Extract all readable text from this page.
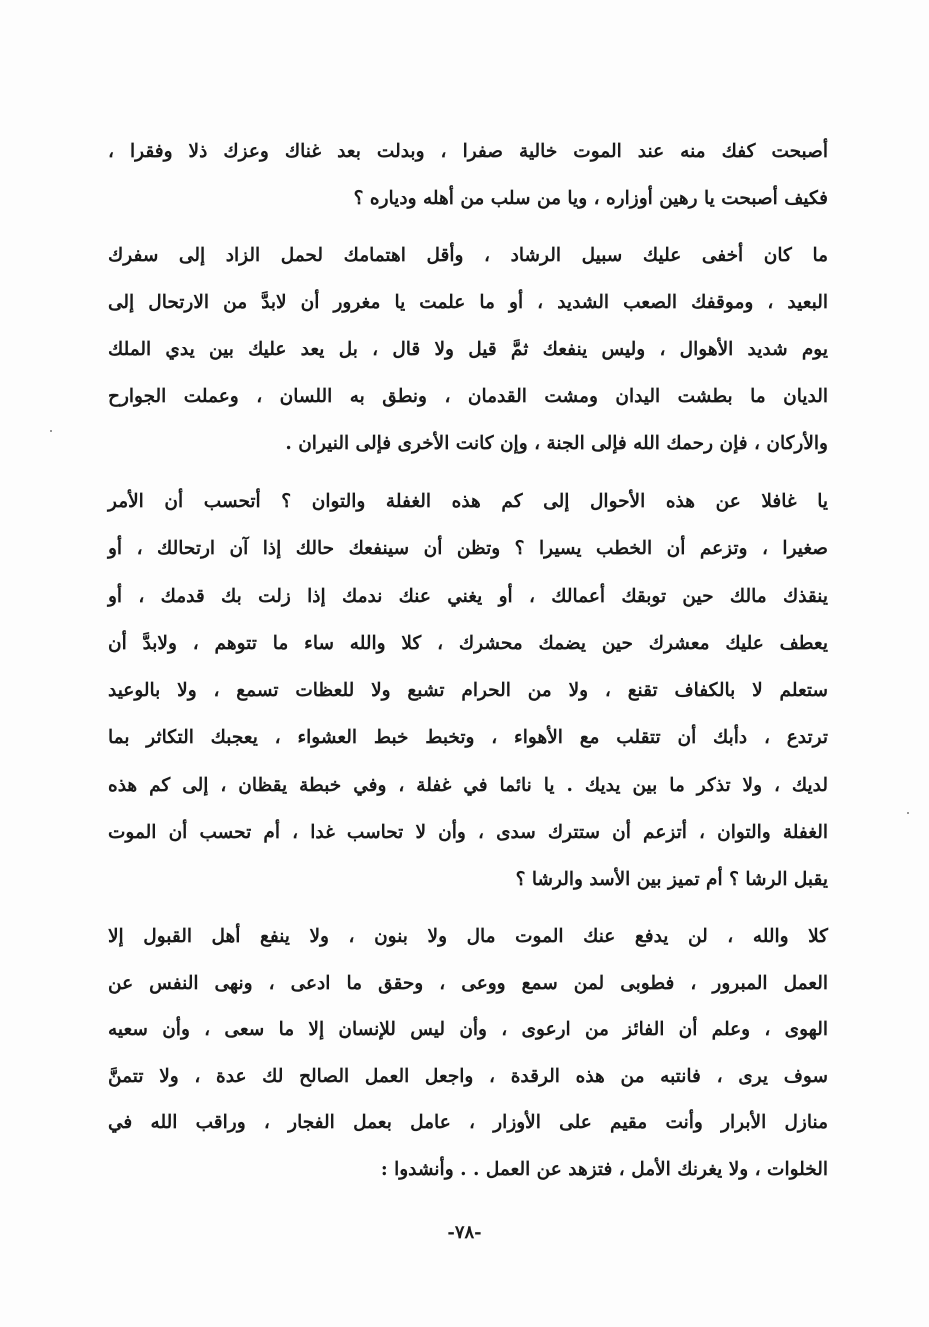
أصبحت كفك منه عند الموت خالية صفرا ، وبدلت بعد غناك وعزك ذلا وفقرا ،
فكيف أصبحت يا رهين أوزاره ، ويا من سلب من أهله ودياره ؟
ما كان أخفى عليك سبيل الرشاد ، وأقل اهتمامك لحمل الزاد إلى سفرك
البعيد ، وموقفك الصعب الشديد ، أو ما علمت يا مغرور أن لابدَّ من الارتحال إلى
يوم شديد الأهوال ، وليس ينفعك ثمَّ قيل ولا قال ، بل يعد عليك بين يدي الملك
الديان ما بطشت اليدان ومشت القدمان ، ونطق به اللسان ، وعملت الجوارح
والأركان ، فإن رحمك الله فإلى الجنة ، وإن كانت الأخرى فإلى النيران .
يا غافلا عن هذه الأحوال إلى كم هذه الغفلة والتوان ؟ أتحسب أن الأمر
صغيرا ، وتزعم أن الخطب يسيرا ؟ وتظن أن سينفعك حالك إذا آن ارتحالك ، أو
ينقذك مالك حين توبقك أعمالك ، أو يغني عنك ندمك إذا زلت بك قدمك ، أو
يعطف عليك معشرك حين يضمك محشرك ، كلا والله ساء ما تتوهم ، ولابدَّ أن
ستعلم لا بالكفاف تقنع ، ولا من الحرام تشبع ولا للعظات تسمع ، ولا بالوعيد
ترتدع ، دأبك أن تتقلب مع الأهواء ، وتخبط خبط العشواء ، يعجبك التكاثر بما
لديك ، ولا تذكر ما بين يديك . يا نائما في غفلة ، وفي خبطة يقظان ، إلى كم هذه
الغفلة والتوان ، أتزعم أن ستترك سدى ، وأن لا تحاسب غدا ، أم تحسب أن الموت
يقبل الرشا ؟ أم تميز بين الأسد والرشا ؟
كلا والله ، لن يدفع عنك الموت مال ولا بنون ، ولا ينفع أهل القبول إلا
العمل المبرور ، فطوبى لمن سمع ووعى ، وحقق ما ادعى ، ونهى النفس عن
الهوى ، وعلم أن الفائز من ارعوى ، وأن ليس للإنسان إلا ما سعى ، وأن سعيه
سوف يرى ، فانتبه من هذه الرقدة ، واجعل العمل الصالح لك عدة ، ولا تتمنَّ
منازل الأبرار وأنت مقيم على الأوزار ، عامل بعمل الفجار ، وراقب الله في
الخلوات ، ولا يغرنك الأمل ، فتزهد عن العمل . . وأنشدوا :
-٧٨-
